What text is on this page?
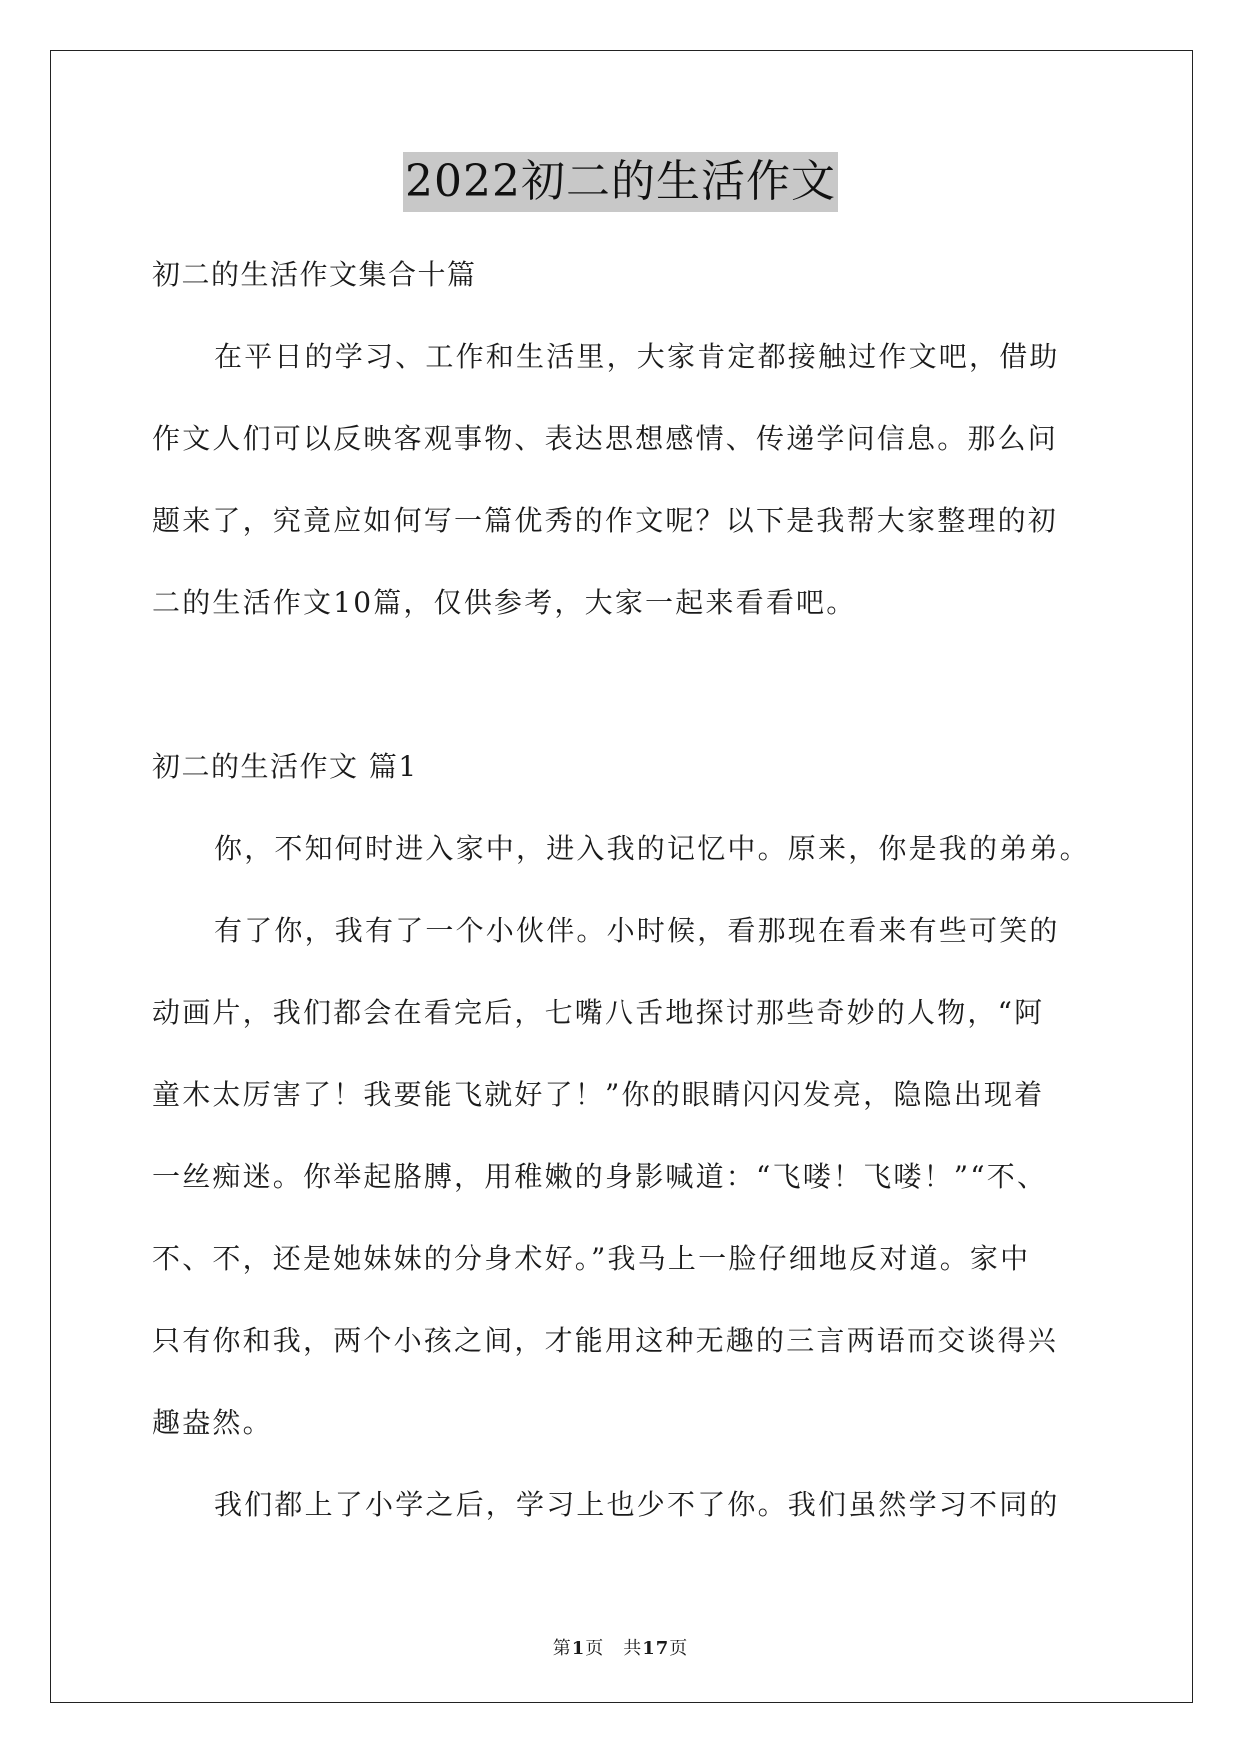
2022初二的生活作文
初二的生活作文集合十篇
在平日的学习、工作和生活里，大家肯定都接触过作文吧，借助
作文人们可以反映客观事物、表达思想感情、传递学问信息。那么问
题来了，究竟应如何写一篇优秀的作文呢？以下是我帮大家整理的初
二的生活作文10篇，仅供参考，大家一起来看看吧。
初二的生活作文 篇1
你，不知何时进入家中，进入我的记忆中。原来，你是我的弟弟。
有了你，我有了一个小伙伴。小时候，看那现在看来有些可笑的
动画片，我们都会在看完后，七嘴八舌地探讨那些奇妙的人物，“阿
童木太厉害了！我要能飞就好了！”你的眼睛闪闪发亮，隐隐出现着
一丝痴迷。你举起胳膊，用稚嫩的身影喊道：“飞喽！飞喽！”“不、
不、不，还是她妹妹的分身术好。”我马上一脸仔细地反对道。家中
只有你和我，两个小孩之间，才能用这种无趣的三言两语而交谈得兴
趣盎然。
我们都上了小学之后，学习上也少不了你。我们虽然学习不同的
第1页　共17页
